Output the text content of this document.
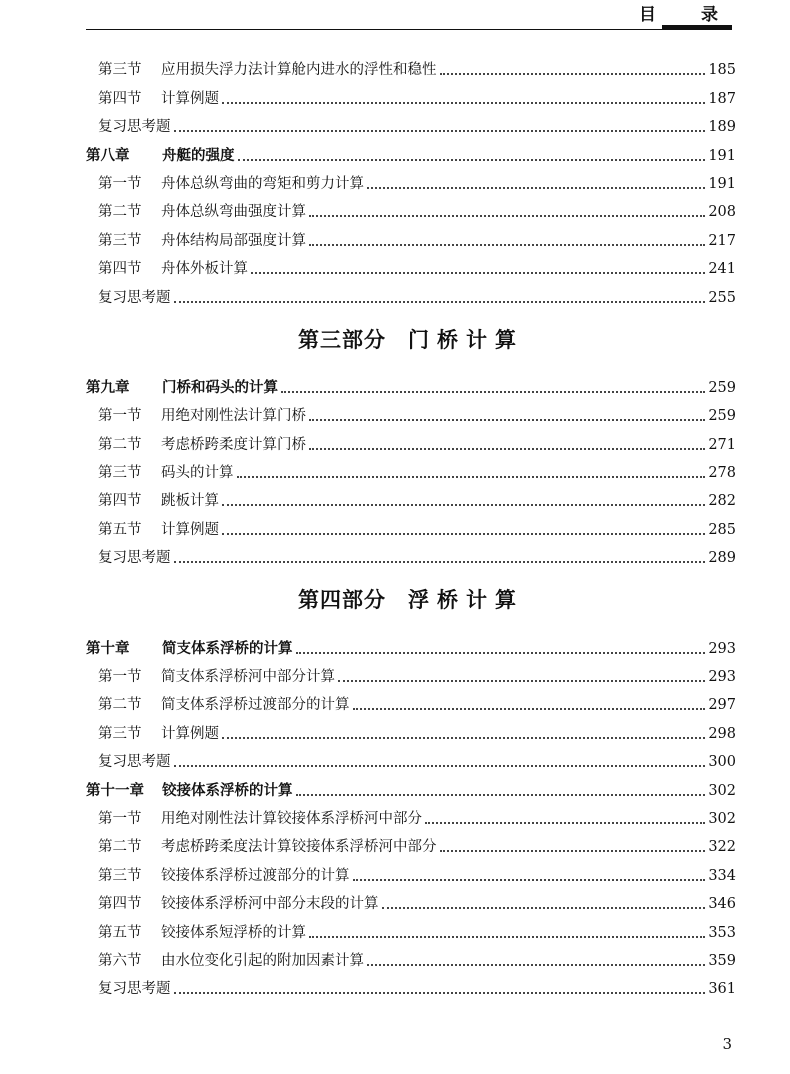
目　录
第三节 应用损失浮力法计算舱内进水的浮性和稳性	185
第四节 计算例题	187
复习思考题	189
第八章 舟艇的强度	191
第一节 舟体总纵弯曲的弯矩和剪力计算	191
第二节 舟体总纵弯曲强度计算	208
第三节 舟体结构局部强度计算	217
第四节 舟体外板计算	241
复习思考题	255
第三部分 门桥计算
第九章 门桥和码头的计算	259
第一节 用绝对刚性法计算门桥	259
第二节 考虑桥跨柔度计算门桥	271
第三节 码头的计算	278
第四节 跳板计算	282
第五节 计算例题	285
复习思考题	289
第四部分 浮桥计算
第十章 简支体系浮桥的计算	293
第一节 简支体系浮桥河中部分计算	293
第二节 简支体系浮桥过渡部分的计算	297
第三节 计算例题	298
复习思考题	300
第十一章 铰接体系浮桥的计算	302
第一节 用绝对刚性法计算铰接体系浮桥河中部分	302
第二节 考虑桥跨柔度法计算铰接体系浮桥河中部分	322
第三节 铰接体系浮桥过渡部分的计算	334
第四节 铰接体系浮桥河中部分末段的计算	346
第五节 铰接体系短浮桥的计算	353
第六节 由水位变化引起的附加因素计算	359
复习思考题	361
3
